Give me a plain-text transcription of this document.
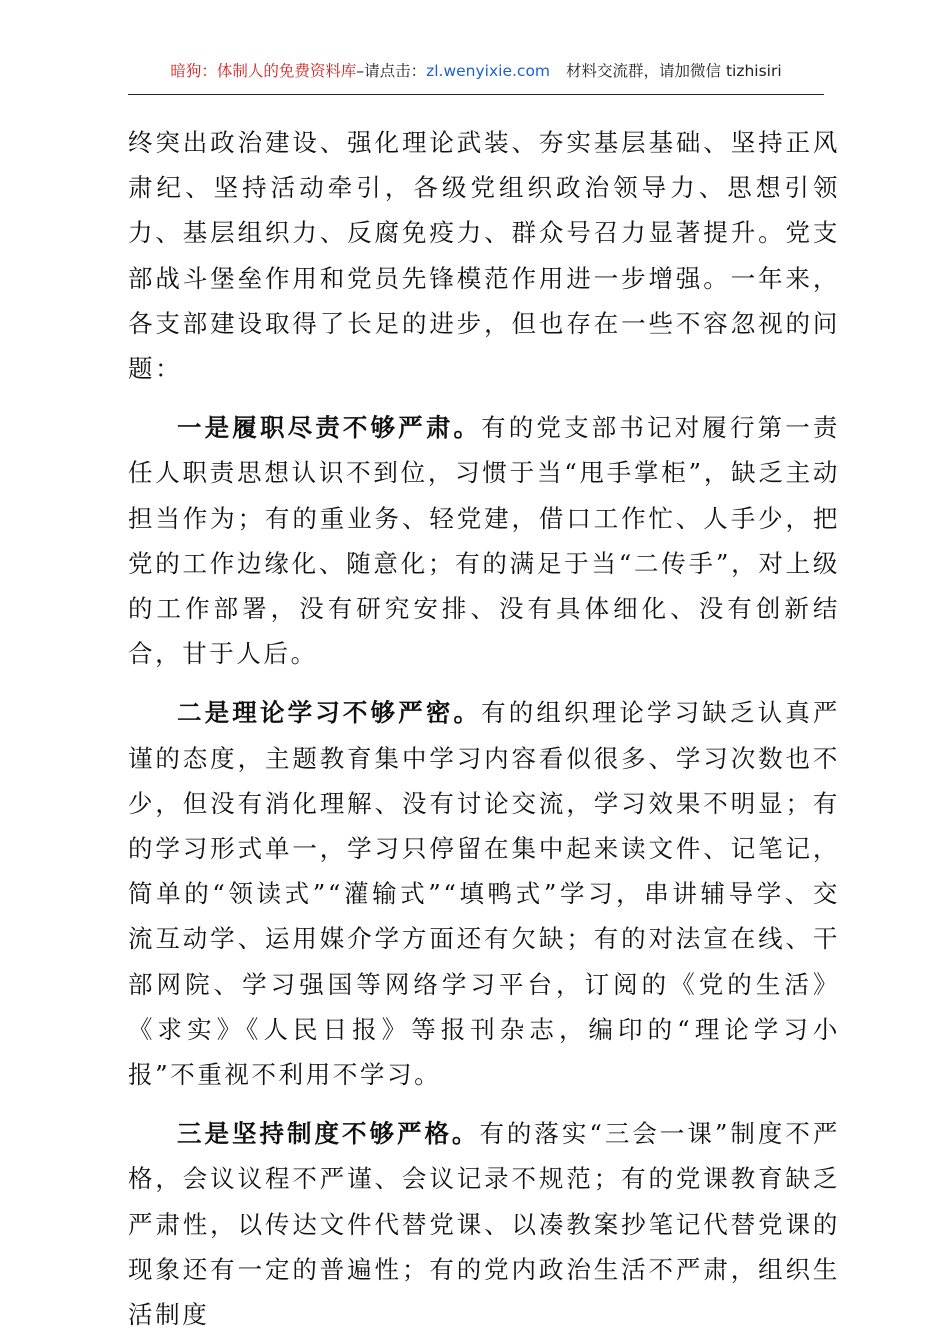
暗狗：体制人的免费资料库–请点击：zl.wenyixie.com 材料交流群，请加微信 tizhisiri

终突出政治建设、强化理论武装、夯实基层基础、坚持正风肃纪、坚持活动牵引，各级党组织政治领导力、思想引领力、基层组织力、反腐免疫力、群众号召力显著提升。党支部战斗堡垒作用和党员先锋模范作用进一步增强。一年来，各支部建设取得了长足的进步，但也存在一些不容忽视的问题：

一是履职尽责不够严肃。有的党支部书记对履行第一责任人职责思想认识不到位，习惯于当“甩手掌柜”，缺乏主动担当作为；有的重业务、轻党建，借口工作忙、人手少，把党的工作边缘化、随意化；有的满足于当“二传手”，对上级的工作部署，没有研究安排、没有具体细化、没有创新结合，甘于人后。

二是理论学习不够严密。有的组织理论学习缺乏认真严谨的态度，主题教育集中学习内容看似很多、学习次数也不少，但没有消化理解、没有讨论交流，学习效果不明显；有的学习形式单一，学习只停留在集中起来读文件、记笔记，简单的“领读式”“灌输式”“填鸭式”学习，串讲辅导学、交流互动学、运用媒介学方面还有欠缺；有的对法宣在线、干部网院、学习强国等网络学习平台，订阅的《党的生活》《求实》《人民日报》等报刊杂志，编印的“理论学习小报”不重视不利用不学习。

三是坚持制度不够严格。有的落实“三会一课”制度不严格，会议议程不严谨、会议记录不规范；有的党课教育缺乏严肃性，以传达文件代替党课、以凑教案抄笔记代替党课的现象还有一定的普遍性；有的党内政治生活不严肃，组织生活制度
